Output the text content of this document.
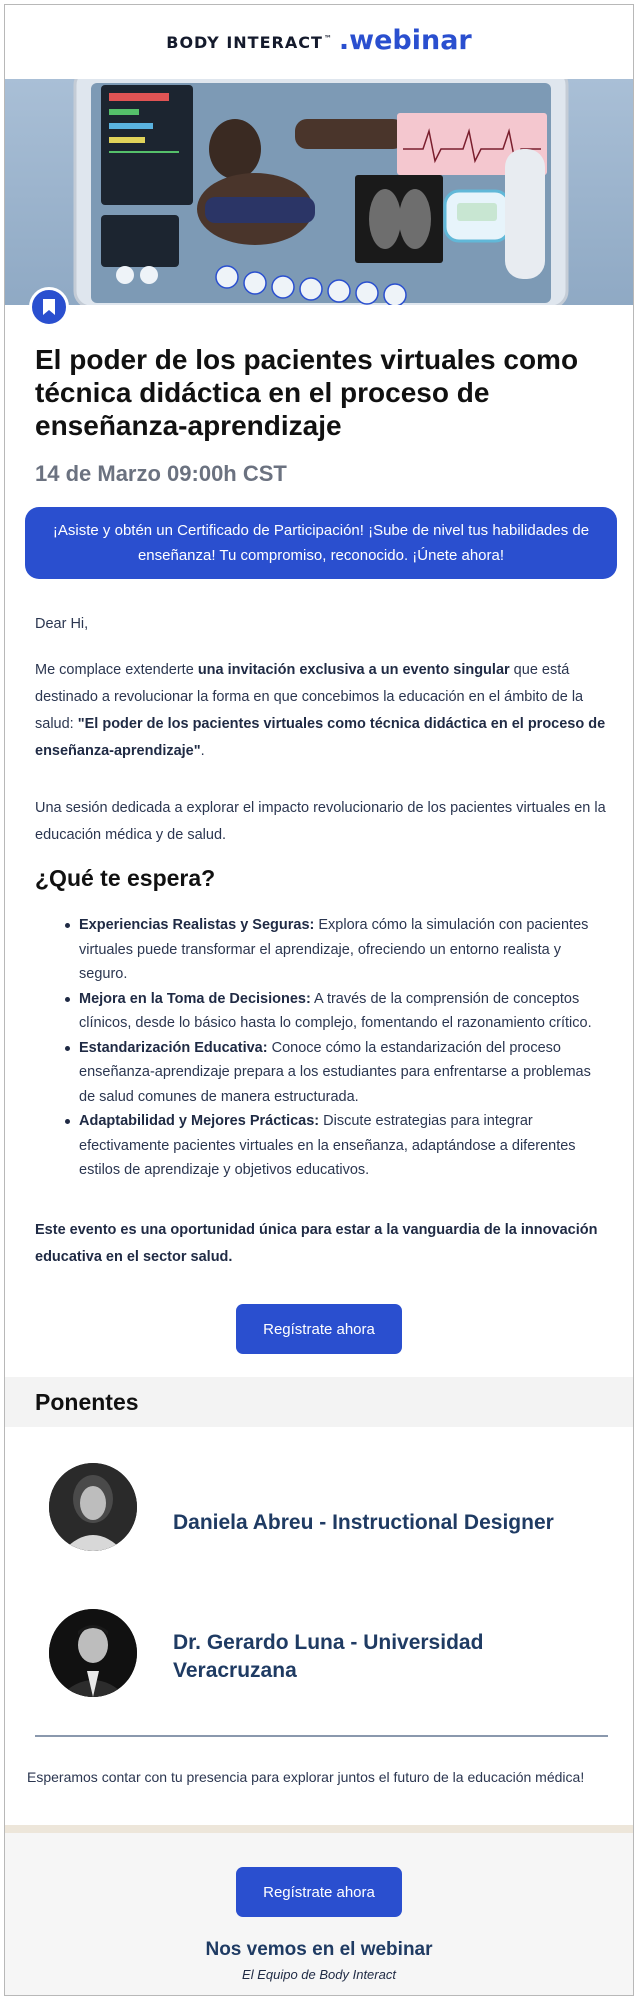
BODY INTERACT™ .webinar
El poder de los pacientes virtuales como técnica didáctica en el proceso de enseñanza-aprendizaje
14 de Marzo 09:00h CST
¡Asiste y obtén un Certificado de Participación! ¡Sube de nivel tus habilidades de enseñanza! Tu compromiso, reconocido. ¡Únete ahora!

Dear Hi,

Me complace extenderte una invitación exclusiva a un evento singular que está destinado a revolucionar la forma en que concebimos la educación en el ámbito de la salud: "El poder de los pacientes virtuales como técnica didáctica en el proceso de enseñanza-aprendizaje".

Una sesión dedicada a explorar el impacto revolucionario de los pacientes virtuales en la educación médica y de salud.

¿Qué te espera?
Experiencias Realistas y Seguras: Explora cómo la simulación con pacientes virtuales puede transformar el aprendizaje, ofreciendo un entorno realista y seguro.
Mejora en la Toma de Decisiones: A través de la comprensión de conceptos clínicos, desde lo básico hasta lo complejo, fomentando el razonamiento crítico.
Estandarización Educativa: Conoce cómo la estandarización del proceso enseñanza-aprendizaje prepara a los estudiantes para enfrentarse a problemas de salud comunes de manera estructurada.
Adaptabilidad y Mejores Prácticas: Discute estrategias para integrar efectivamente pacientes virtuales en la enseñanza, adaptándose a diferentes estilos de aprendizaje y objetivos educativos.

Este evento es una oportunidad única para estar a la vanguardia de la innovación educativa en el sector salud.

Regístrate ahora
Ponentes
Daniela Abreu - Instructional Designer
Dr. Gerardo Luna - Universidad Veracruzana

Esperamos contar con tu presencia para explorar juntos el futuro de la educación médica!

Regístrate ahora
Nos vemos en el webinar
El Equipo de Body Interact
